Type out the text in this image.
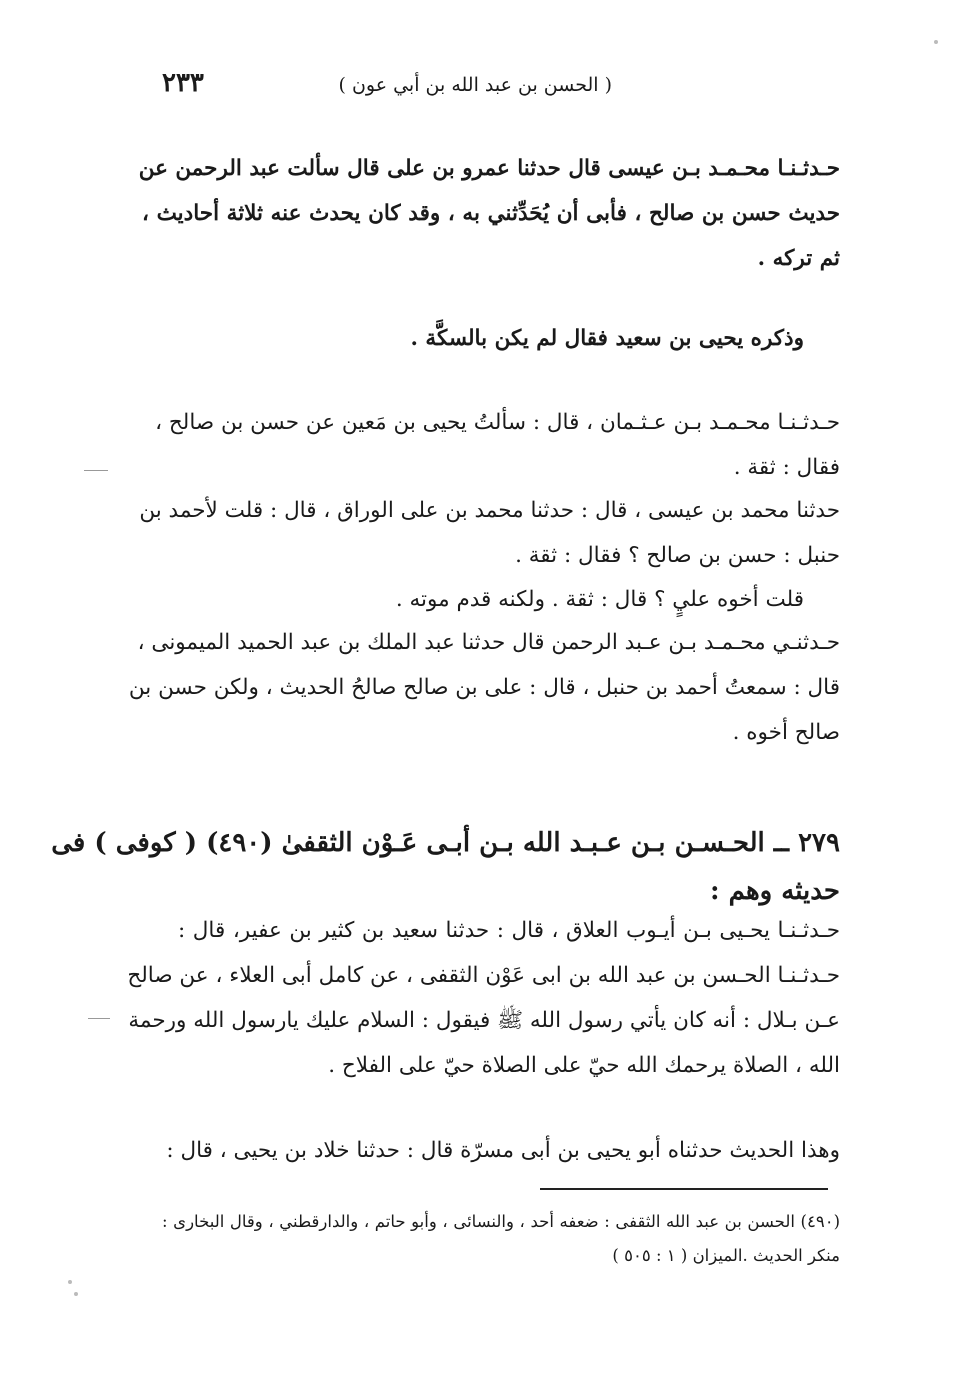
٢٣٣	( الحسن بن عبد الله بن أبي عون )
حـدثـنـا محـمـد بـن عيسى قال حدثنا عمرو بن على قال سألت عبد الرحمن عن
حديث حسن بن صالح ، فأبى أن يُحَدِّثني به ، وقد كان يحدث عنه ثلاثة أحاديث ،
ثم تركه .
وذكره يحيى بن سعيد فقال لم يكن بالسكَّة .
حـدثـنـا محـمـد بـن عـثـمان ، قال : سألتُ يحيى بن مَعين عن حسن بن صالح ،
فقال : ثقة .
حدثنا محمد بن عيسى ، قال : حدثنا محمد بن على الوراق ، قال : قلت لأحمد بن
حنبل : حسن بن صالح ؟ فقال : ثقة .
قلت أخوه عليٍ ؟ قال : ثقة . ولكنه قدم موته .
حـدثنـي محـمـد بـن عـبد الرحمن قال حدثنا عبد الملك بن عبد الحميد الميمونى ،
قال : سمعتُ أحمد بن حنبل ، قال : على بن صالح صالحُ الحديث ، ولكن حسن بن
صالح أخوه .
٢٧٩ ــ الحـسـن بـن عـبـد الله بـن أبـى عَـوْن الثقفىٰ (٤٩٠) ( كوفى ) فى
حديثه وهم :
حـدثـنـا يحـيى بـن أيـوب العلاق ، قال : حدثنا سعيد بن كثير بن عفير، قال :
حـدثـنـا الحـسن بن عبد الله بن ابى عَوْن الثقفى ، عن كامل أبى العلاء ، عن صالح
عـن بـلال : أنه كان يأتي رسول الله ﷺ فيقول : السلام عليك يارسول الله ورحمة
الله ، الصلاة يرحمك الله حيّ على الصلاة حيّ على الفلاح .
وهذا الحديث حدثناه أبو يحيى بن أبى مسرّة قال : حدثنا خلاد بن يحيى ، قال :
(٤٩٠) الحسن بن عبد الله الثقفى : ضعفه أحد ، والنسائى ، وأبو حاتم ، والدارقطني ، وقال البخارى :
منكر الحديث .الميزان ( ١ : ٥٠٥ )
